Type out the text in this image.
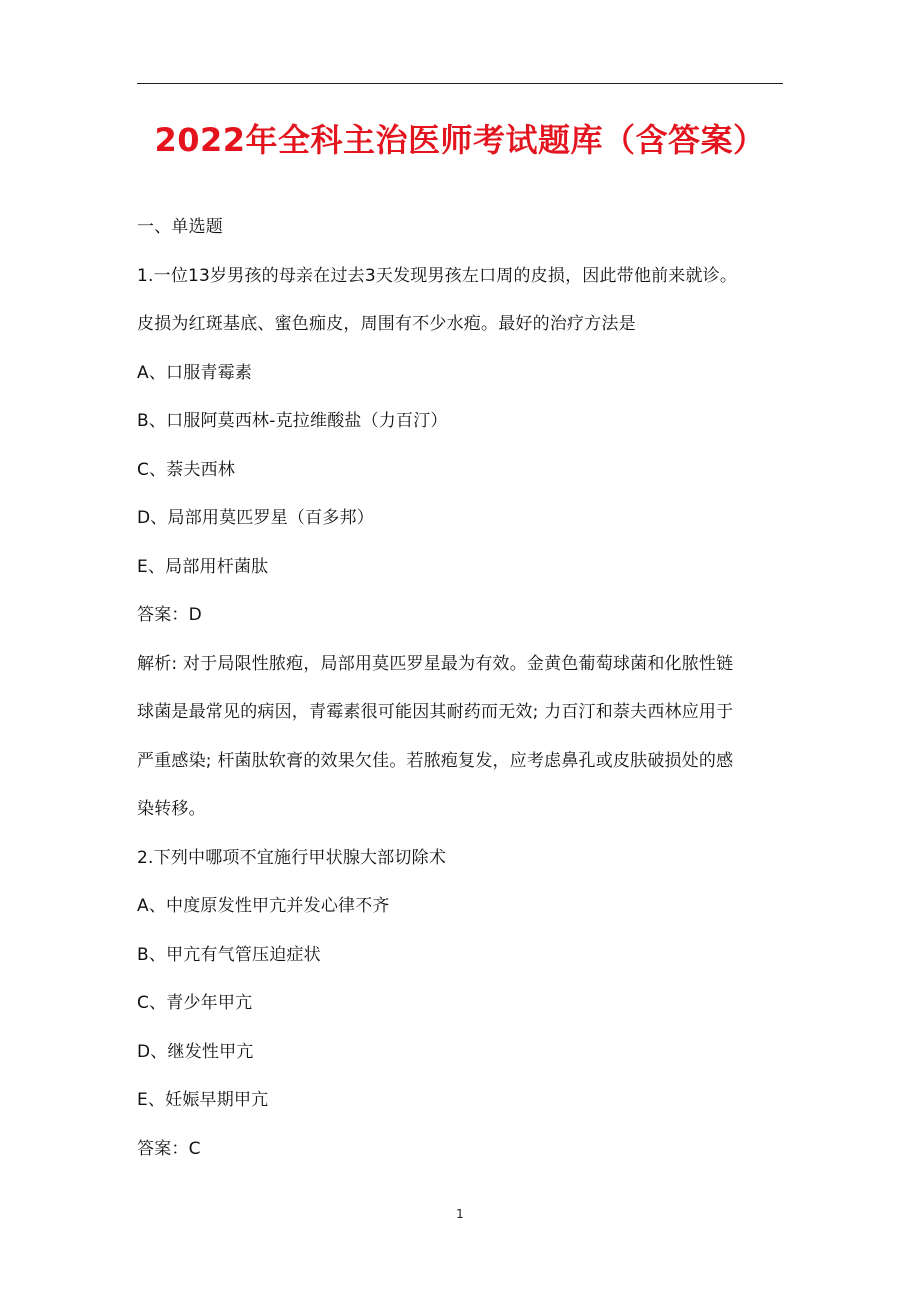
2022年全科主治医师考试题库（含答案）
一、单选题
1.一位13岁男孩的母亲在过去3天发现男孩左口周的皮损，因此带他前来就诊。
皮损为红斑基底、蜜色痂皮，周围有不少水疱。最好的治疗方法是
A、口服青霉素
B、口服阿莫西林-克拉维酸盐（力百汀）
C、萘夫西林
D、局部用莫匹罗星（百多邦）
E、局部用杆菌肽
答案：D
解析: 对于局限性脓疱，局部用莫匹罗星最为有效。金黄色葡萄球菌和化脓性链
球菌是最常见的病因，青霉素很可能因其耐药而无效; 力百汀和萘夫西林应用于
严重感染; 杆菌肽软膏的效果欠佳。若脓疱复发，应考虑鼻孔或皮肤破损处的感
染转移。
2.下列中哪项不宜施行甲状腺大部切除术
A、中度原发性甲亢并发心律不齐
B、甲亢有气管压迫症状
C、青少年甲亢
D、继发性甲亢
E、妊娠早期甲亢
答案：C
1
